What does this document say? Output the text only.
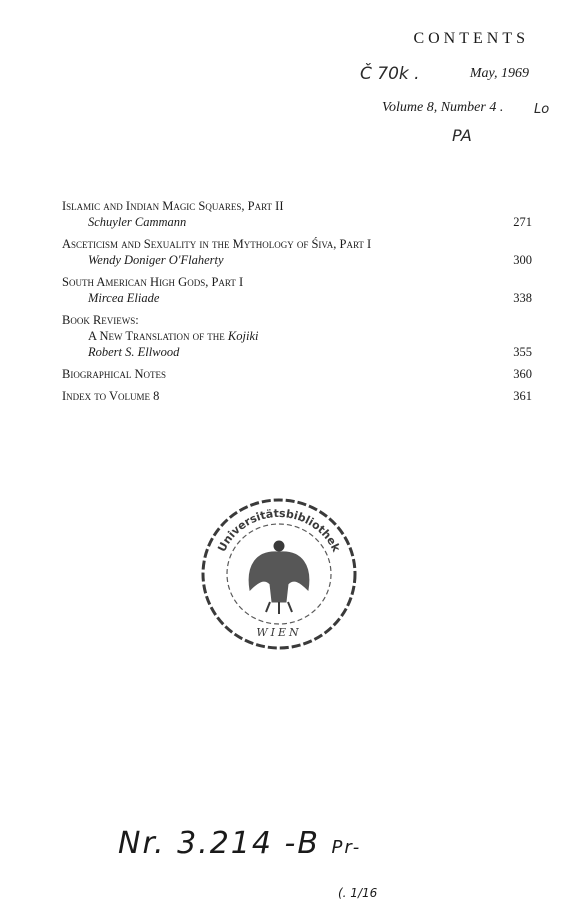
CONTENTS
Č 70k .	May, 1969
Volume 8, Number 4 . Lo
PA
Islamic and Indian Magic Squares, Part II
Schuyler Cammann	271
Asceticism and Sexuality in the Mythology of Śiva, Part I
Wendy Doniger O'Flaherty	300
South American High Gods, Part I
Mircea Eliade	338
Book Reviews:
A New Translation of the Kojiki
Robert S. Ellwood	355
Biographical Notes	360
Index to Volume 8	361
Universitätsbibliothek
WIEN
Nr. 3.214 -B Pr-
(. 1/16
